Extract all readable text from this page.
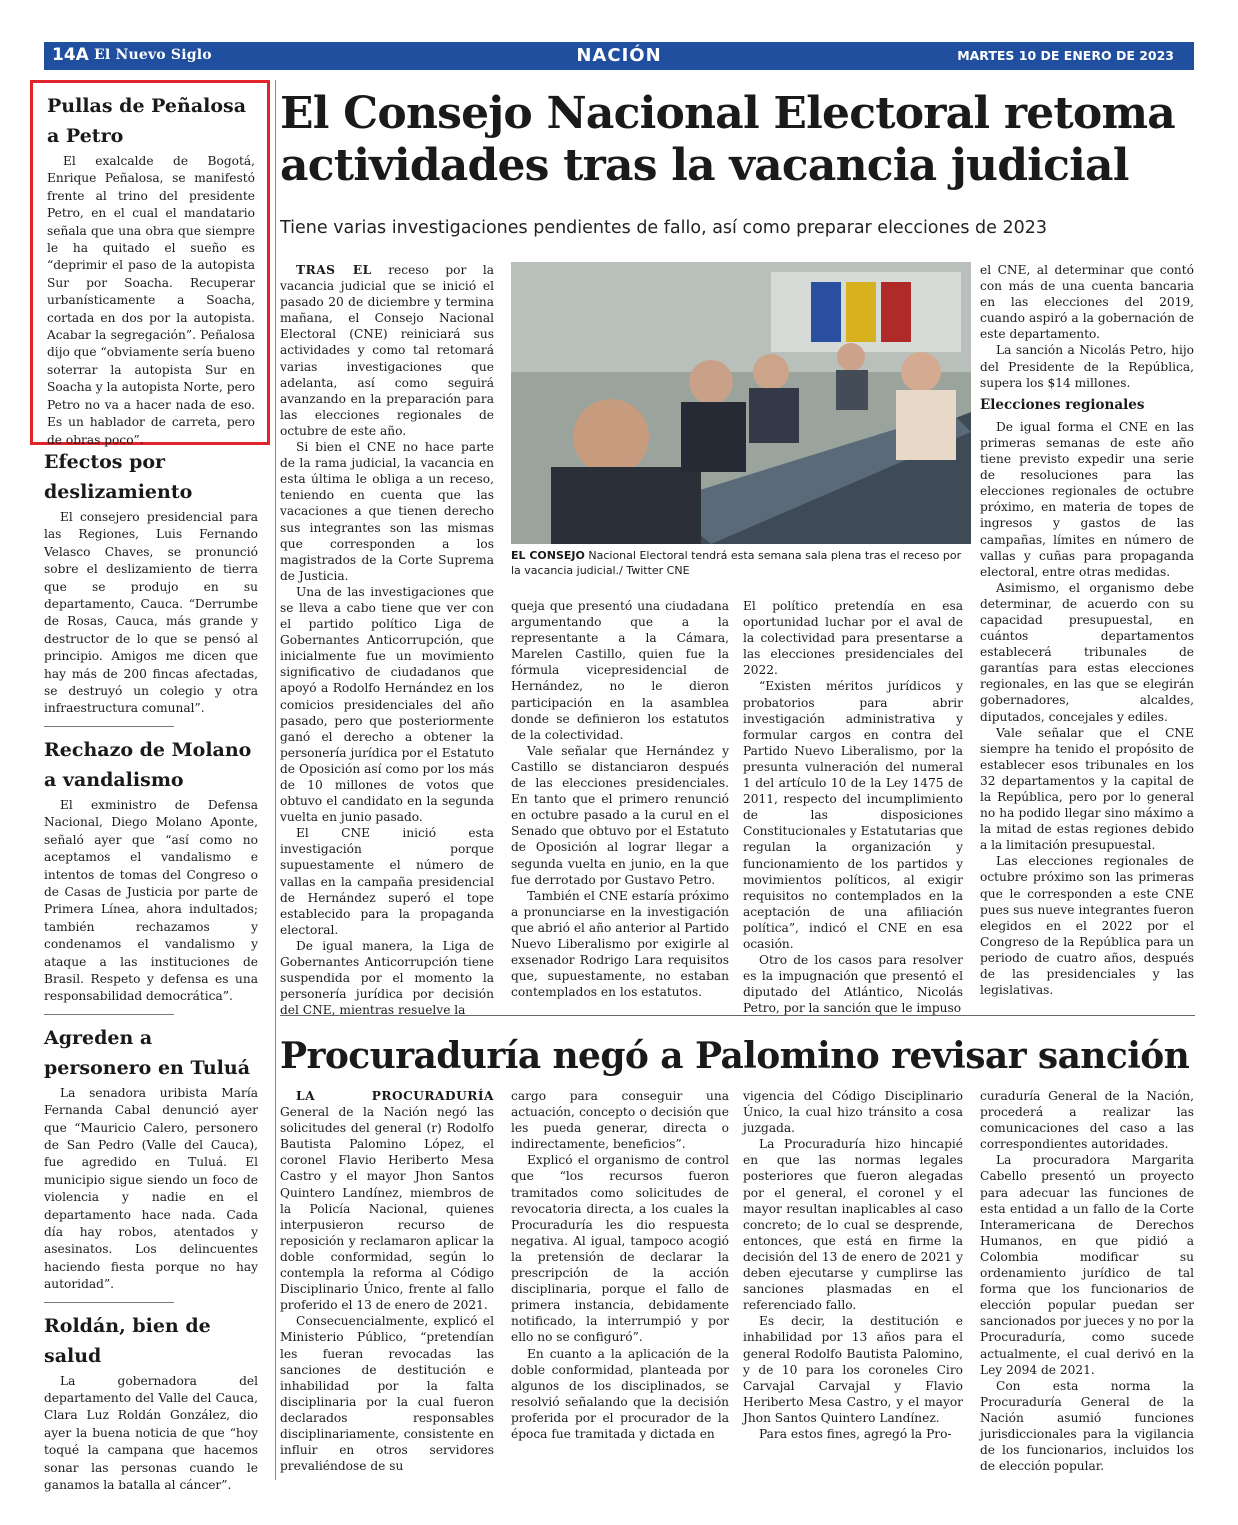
14A El Nuevo Siglo	NACIÓN	MARTES 10 DE ENERO DE 2023
Pullas de Peñalosa a Petro

El exalcalde de Bogotá, Enrique Peñalosa, se manifestó frente al trino del presidente Petro, en el cual el mandatario señala que una obra que siempre le ha quitado el sueño es “deprimir el paso de la autopista Sur por Soacha. Recuperar urbanísticamente a Soacha, cortada en dos por la autopista. Acabar la segregación”. Peñalosa dijo que “obviamente sería bueno soterrar la autopista Sur en Soacha y la autopista Norte, pero Petro no va a hacer nada de eso. Es un hablador de carreta, pero de obras poco”.

Efectos por deslizamiento

El consejero presidencial para las Regiones, Luis Fernando Velasco Chaves, se pronunció sobre el deslizamiento de tierra que se produjo en su departamento, Cauca. “Derrumbe de Rosas, Cauca, más grande y destructor de lo que se pensó al principio. Amigos me dicen que hay más de 200 fincas afectadas, se destruyó un colegio y otra infraestructura comunal”.

Rechazo de Molano a vandalismo

El exministro de Defensa Nacional, Diego Molano Aponte, señaló ayer que “así como no aceptamos el vandalismo e intentos de tomas del Congreso o de Casas de Justicia por parte de Primera Línea, ahora indultados; también rechazamos y condenamos el vandalismo y ataque a las instituciones de Brasil. Respeto y defensa es una responsabilidad democrática”.

Agreden a personero en Tuluá

La senadora uribista María Fernanda Cabal denunció ayer que “Mauricio Calero, personero de San Pedro (Valle del Cauca), fue agredido en Tuluá. El municipio sigue siendo un foco de violencia y nadie en el departamento hace nada. Cada día hay robos, atentados y asesinatos. Los delincuentes haciendo fiesta porque no hay autoridad”.

Roldán, bien de salud

La gobernadora del departamento del Valle del Cauca, Clara Luz Roldán González, dio ayer la buena noticia de que “hoy toqué la campana que hacemos sonar las personas cuando le ganamos la batalla al cáncer”.

El Consejo Nacional Electoral retoma actividades tras la vacancia judicial
Tiene varias investigaciones pendientes de fallo, así como preparar elecciones de 2023

TRAS EL receso por la vacancia judicial que se inició el pasado 20 de diciembre y termina mañana, el Consejo Nacional Electoral (CNE) reiniciará sus actividades y como tal retomará varias investigaciones que adelanta, así como seguirá avanzando en la preparación para las elecciones regionales de octubre de este año.

Si bien el CNE no hace parte de la rama judicial, la vacancia en esta última le obliga a un receso, teniendo en cuenta que las vacaciones a que tienen derecho sus integrantes son las mismas que corresponden a los magistrados de la Corte Suprema de Justicia.

Una de las investigaciones que se lleva a cabo tiene que ver con el partido político Liga de Gobernantes Anticorrupción, que inicialmente fue un movimiento significativo de ciudadanos que apoyó a Rodolfo Hernández en los comicios presidenciales del año pasado, pero que posteriormente ganó el derecho a obtener la personería jurídica por el Estatuto de Oposición así como por los más de 10 millones de votos que obtuvo el candidato en la segunda vuelta en junio pasado.

El CNE inició esta investigación porque supuestamente el número de vallas en la campaña presidencial de Hernández superó el tope establecido para la propaganda electoral.

De igual manera, la Liga de Gobernantes Anticorrupción tiene suspendida por el momento la personería jurídica por decisión del CNE, mientras resuelve la

EL CONSEJO Nacional Electoral tendrá esta semana sala plena tras el receso por la vacancia judicial./ Twitter CNE

queja que presentó una ciudadana argumentando que a la representante a la Cámara, Marelen Castillo, quien fue la fórmula vicepresidencial de Hernández, no le dieron participación en la asamblea donde se definieron los estatutos de la colectividad.

Vale señalar que Hernández y Castillo se distanciaron después de las elecciones presidenciales. En tanto que el primero renunció en octubre pasado a la curul en el Senado que obtuvo por el Estatuto de Oposición al lograr llegar a segunda vuelta en junio, en la que fue derrotado por Gustavo Petro.

También el CNE estaría próximo a pronunciarse en la investigación que abrió el año anterior al Partido Nuevo Liberalismo por exigirle al exsenador Rodrigo Lara requisitos que, supuestamente, no estaban contemplados en los estatutos.

El político pretendía en esa oportunidad luchar por el aval de la colectividad para presentarse a las elecciones presidenciales del 2022.

“Existen méritos jurídicos y probatorios para abrir investigación administrativa y formular cargos en contra del Partido Nuevo Liberalismo, por la presunta vulneración del numeral 1 del artículo 10 de la Ley 1475 de 2011, respecto del incumplimiento de las disposiciones Constitucionales y Estatutarias que regulan la organización y funcionamiento de los partidos y movimientos políticos, al exigir requisitos no contemplados en la aceptación de una afiliación política”, indicó el CNE en esa ocasión.

Otro de los casos para resolver es la impugnación que presentó el diputado del Atlántico, Nicolás Petro, por la sanción que le impuso

el CNE, al determinar que contó con más de una cuenta bancaria en las elecciones del 2019, cuando aspiró a la gobernación de este departamento.

La sanción a Nicolás Petro, hijo del Presidente de la República, supera los $14 millones.

Elecciones regionales

De igual forma el CNE en las primeras semanas de este año tiene previsto expedir una serie de resoluciones para las elecciones regionales de octubre próximo, en materia de topes de ingresos y gastos de las campañas, límites en número de vallas y cuñas para propaganda electoral, entre otras medidas.

Asimismo, el organismo debe determinar, de acuerdo con su capacidad presupuestal, en cuántos departamentos establecerá tribunales de garantías para estas elecciones regionales, en las que se elegirán gobernadores, alcaldes, diputados, concejales y ediles.

Vale señalar que el CNE siempre ha tenido el propósito de establecer esos tribunales en los 32 departamentos y la capital de la República, pero por lo general no ha podido llegar sino máximo a la mitad de estas regiones debido a la limitación presupuestal.

Las elecciones regionales de octubre próximo son las primeras que le corresponden a este CNE pues sus nueve integrantes fueron elegidos en el 2022 por el Congreso de la República para un periodo de cuatro años, después de las presidenciales y las legislativas.

Procuraduría negó a Palomino revisar sanción

LA PROCURADURÍA General de la Nación negó las solicitudes del general (r) Rodolfo Bautista Palomino López, el coronel Flavio Heriberto Mesa Castro y el mayor Jhon Santos Quintero Landínez, miembros de la Policía Nacional, quienes interpusieron recurso de reposición y reclamaron aplicar la doble conformidad, según lo contempla la reforma al Código Disciplinario Único, frente al fallo proferido el 13 de enero de 2021.

Consecuencialmente, explicó el Ministerio Público, “pretendían les fueran revocadas las sanciones de destitución e inhabilidad por la falta disciplinaria por la cual fueron declarados responsables disciplinariamente, consistente en influir en otros servidores prevaliéndose de su

cargo para conseguir una actuación, concepto o decisión que les pueda generar, directa o indirectamente, beneficios”.

Explicó el organismo de control que “los recursos fueron tramitados como solicitudes de revocatoria directa, a los cuales la Procuraduría les dio respuesta negativa. Al igual, tampoco acogió la pretensión de declarar la prescripción de la acción disciplinaria, porque el fallo de primera instancia, debidamente notificado, la interrumpió y por ello no se configuró”.

En cuanto a la aplicación de la doble conformidad, planteada por algunos de los disciplinados, se resolvió señalando que la decisión proferida por el procurador de la época fue tramitada y dictada en

vigencia del Código Disciplinario Único, la cual hizo tránsito a cosa juzgada.

La Procuraduría hizo hincapié en que las normas legales posteriores que fueron alegadas por el general, el coronel y el mayor resultan inaplicables al caso concreto; de lo cual se desprende, entonces, que está en firme la decisión del 13 de enero de 2021 y deben ejecutarse y cumplirse las sanciones plasmadas en el referenciado fallo.

Es decir, la destitución e inhabilidad por 13 años para el general Rodolfo Bautista Palomino, y de 10 para los coroneles Ciro Carvajal Carvajal y Flavio Heriberto Mesa Castro, y el mayor Jhon Santos Quintero Landínez.

Para estos fines, agregó la Pro-

curaduría General de la Nación, procederá a realizar las comunicaciones del caso a las correspondientes autoridades.

La procuradora Margarita Cabello presentó un proyecto para adecuar las funciones de esta entidad a un fallo de la Corte Interamericana de Derechos Humanos, en que pidió a Colombia modificar su ordenamiento jurídico de tal forma que los funcionarios de elección popular puedan ser sancionados por jueces y no por la Procuraduría, como sucede actualmente, el cual derivó en la Ley 2094 de 2021.

Con esta norma la Procuraduría General de la Nación asumió funciones jurisdiccionales para la vigilancia de los funcionarios, incluidos los de elección popular.
